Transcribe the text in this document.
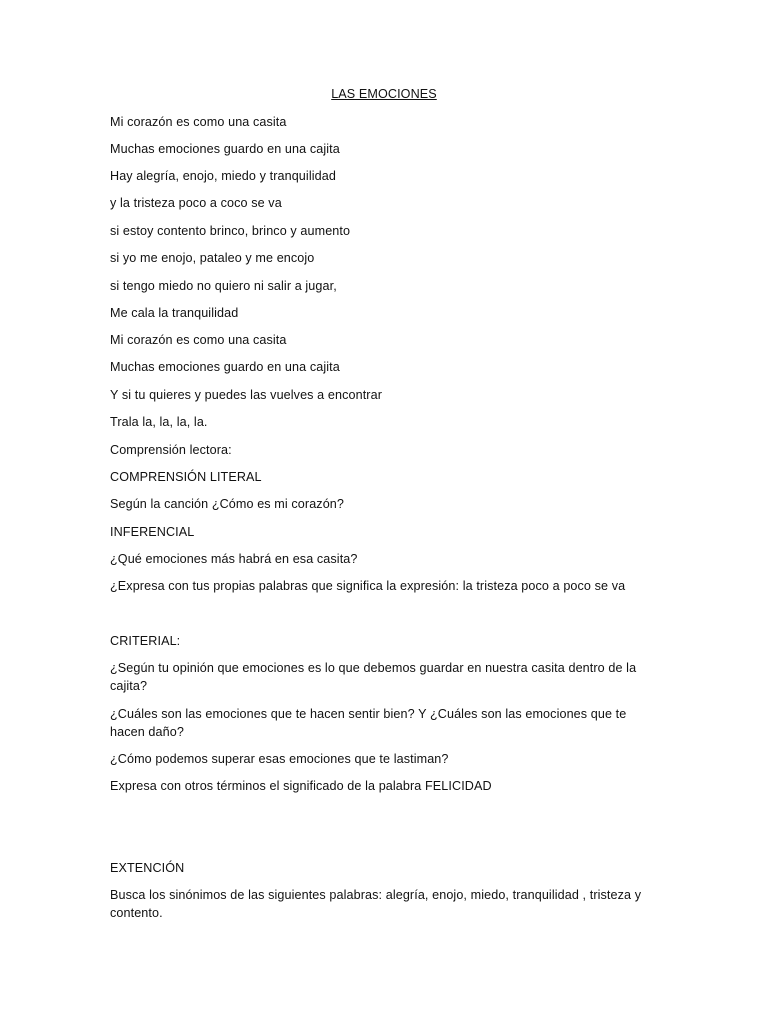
LAS EMOCIONES
Mi corazón es como una casita
Muchas emociones guardo en una cajita
Hay alegría, enojo, miedo y tranquilidad
y la tristeza poco a coco se va
si estoy contento brinco, brinco y aumento
si yo me enojo, pataleo y me encojo
si tengo miedo no quiero ni salir a jugar,
Me cala la tranquilidad
Mi corazón es como una casita
Muchas emociones guardo en una cajita
Y si tu quieres y puedes las vuelves a encontrar
Trala la, la, la, la.
Comprensión lectora:
COMPRENSIÓN LITERAL
Según la canción ¿Cómo es mi corazón?
INFERENCIAL
¿Qué emociones más habrá en esa casita?
¿Expresa con tus propias palabras que significa la expresión: la tristeza poco a poco se va
CRITERIAL:
¿Según tu opinión que emociones es lo que debemos guardar en nuestra casita dentro de la cajita?
¿Cuáles son las emociones que te hacen sentir bien? Y ¿Cuáles son las emociones que te hacen daño?
¿Cómo podemos superar esas emociones que te lastiman?
Expresa con otros términos el significado de la palabra FELICIDAD
EXTENCIÓN
Busca los sinónimos de las siguientes palabras: alegría, enojo, miedo, tranquilidad , tristeza y contento.
